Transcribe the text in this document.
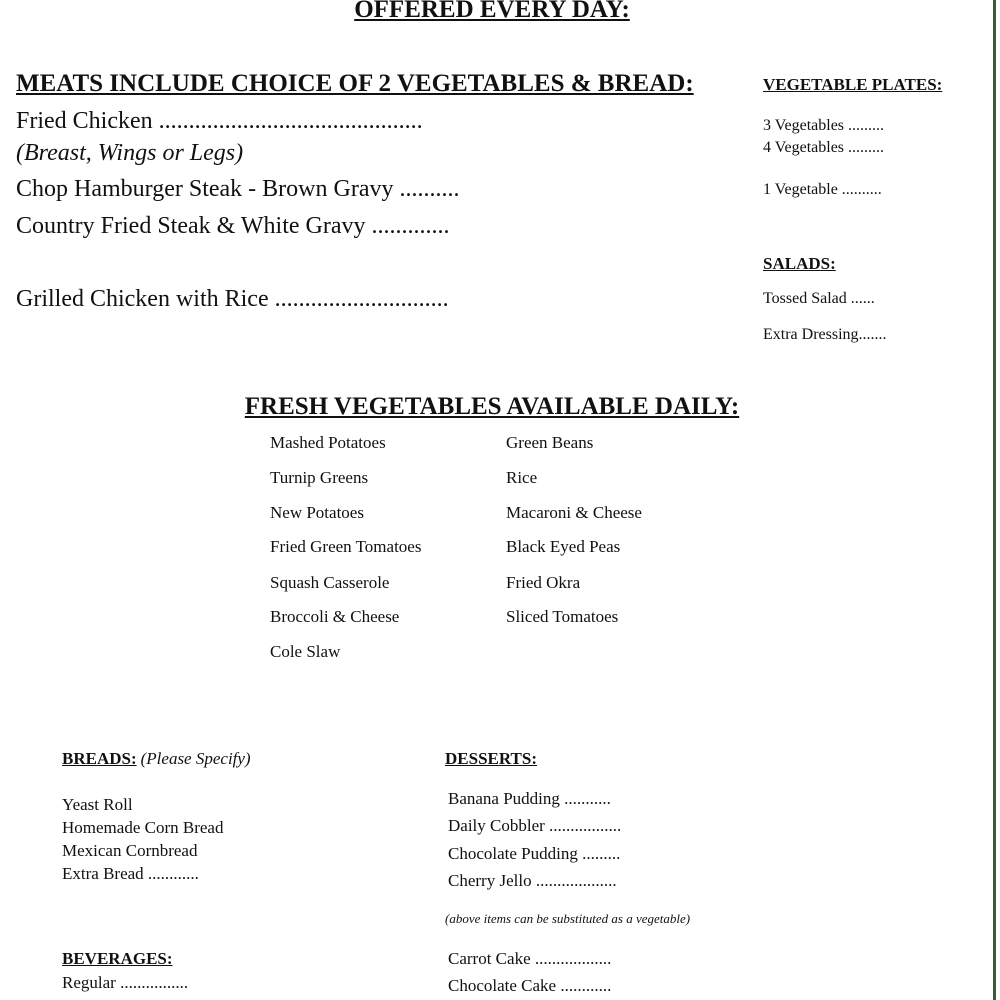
OFFERED EVERY DAY:
MEATS INCLUDE CHOICE OF 2 VEGETABLES & BREAD:
Fried Chicken ............................................
(Breast, Wings or Legs)
Chop Hamburger Steak - Brown Gravy ..........
Country Fried Steak & White Gravy .............
Grilled Chicken with Rice .............................
VEGETABLE PLATES:
3 Vegetables .........
4 Vegetables .........
1 Vegetable ..........
SALADS:
Tossed Salad ......
Extra Dressing.......
FRESH VEGETABLES AVAILABLE DAILY:
Mashed Potatoes
Turnip Greens
New Potatoes
Fried Green Tomatoes
Squash Casserole
Broccoli & Cheese
Cole Slaw
Green Beans
Rice
Macaroni & Cheese
Black Eyed Peas
Fried Okra
Sliced Tomatoes
BREADS: (Please Specify)
Yeast Roll
Homemade Corn Bread
Mexican Cornbread
Extra Bread ............
DESSERTS:
Banana Pudding ...........
Daily Cobbler .................
Chocolate Pudding .........
Cherry Jello ...................
(above items can be substituted as a vegetable)
Carrot Cake ..................
Chocolate Cake ............
BEVERAGES:
Regular ................
